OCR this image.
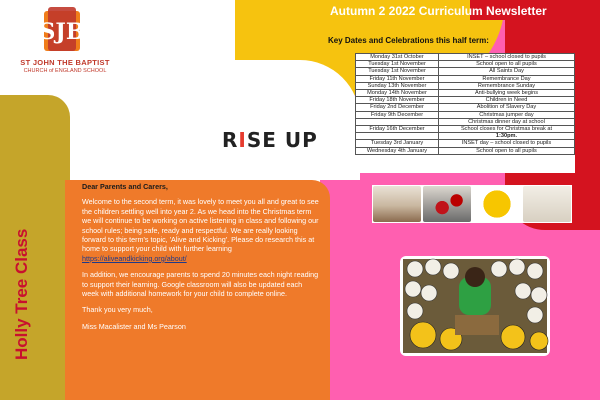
SJB
ST JOHN THE BAPTIST
CHURCH of ENGLAND SCHOOL
Holly Tree Class
RISE UP
Autumn 2 2022 Curriculum Newsletter
Key Dates and Celebrations this half term:
Monday 31st October	INSET – school closed to pupils
Tuesday 1st November	School open to all pupils
Tuesday 1st November	All Saints Day
Friday 11th November	Remembrance Day
Sunday 13th November	Remembrance Sunday
Monday 14th November	Anti-bullying week begins
Friday 18th November	Children in Need
Friday 2nd December	Abolition of Slavery Day
Friday 9th December	Christmas jumper day
	Christmas dinner day at school
Friday 16th December	School closes for Christmas break at
	1:30pm.
Tuesday 3rd January	INSET day – school closed to pupils
Wednesday 4th January	School open to all pupils

Dear Parents and Carers,

Welcome to the second term, it was lovely to meet you all and great to see the children settling well into year 2. As we head into the Christmas term we will continue to be working on active listening in class and following our school rules; being safe, ready and respectful. We are really looking forward to this term's topic, 'Alive and Kicking'. Please do research this at home to support your child with further learning https://aliveandkicking.org/about/

In addition, we encourage parents to spend 20 minutes each night reading to support their learning. Google classroom will also be updated each week with additional homework for your child to complete online.

Thank you very much,

Miss Macalister and Ms Pearson
